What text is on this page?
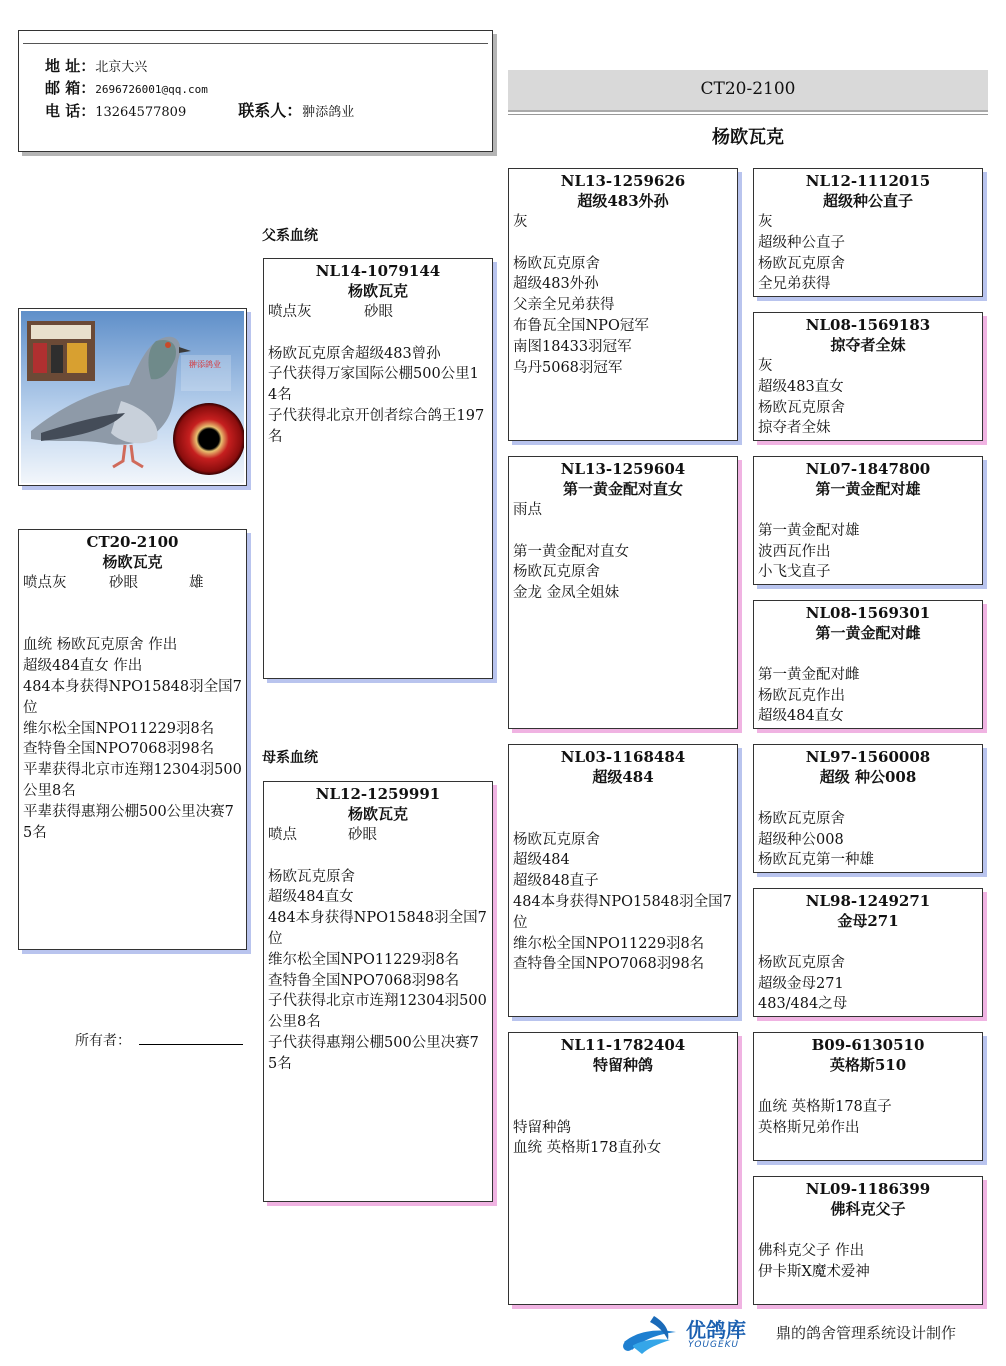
地 址：北京大兴
邮 箱：2696726001@qq.com
电 话：13264577809	联系人：翀添鸽业
CT20-2100
杨欧瓦克
父系血统
母系血统
翀添鸽业
CT20-2100
杨欧瓦克
喷点灰	砂眼	雄
血统 杨欧瓦克原舍 作出
超级484直女 作出
484本身获得NPO15848羽全国7位
维尔松全国NPO11229羽8名
查特鲁全国NPO7068羽98名
平辈获得北京市连翔12304羽500公里8名
平辈获得惠翔公棚500公里决赛75名
所有者：
NL14-1079144
杨欧瓦克
喷点灰	砂眼
杨欧瓦克原舍超级483曾孙
子代获得万家国际公棚500公里14名
子代获得北京开创者综合鸽王197名
NL12-1259991
杨欧瓦克
喷点	砂眼
杨欧瓦克原舍
超级484直女
484本身获得NPO15848羽全国7位
维尔松全国NPO11229羽8名
查特鲁全国NPO7068羽98名
子代获得北京市连翔12304羽500公里8名
子代获得惠翔公棚500公里决赛75名
NL13-1259626
超级483外孙
灰
杨欧瓦克原舍
超级483外孙
父亲全兄弟获得
布鲁瓦全国NPO冠军
南图18433羽冠军
乌丹5068羽冠军
NL13-1259604
第一黄金配对直女
雨点
第一黄金配对直女
杨欧瓦克原舍
金龙 金凤全姐妹
NL03-1168484
超级484
杨欧瓦克原舍
超级484
超级848直子
484本身获得NPO15848羽全国7位
维尔松全国NPO11229羽8名
查特鲁全国NPO7068羽98名
NL11-1782404
特留种鸽
特留种鸽
血统 英格斯178直孙女
NL12-1112015
超级种公直子
灰
超级种公直子
杨欧瓦克原舍
全兄弟获得
NL08-1569183
掠夺者全妹
灰
超级483直女
杨欧瓦克原舍
掠夺者全妹
NL07-1847800
第一黄金配对雄
第一黄金配对雄
波西瓦作出
小飞戈直子
NL08-1569301
第一黄金配对雌
第一黄金配对雌
杨欧瓦克作出
超级484直女
NL97-1560008
超级 种公008
杨欧瓦克原舍
超级种公008
杨欧瓦克第一种雄
NL98-1249271
金母271
杨欧瓦克原舍
超级金母271
483/484之母
B09-6130510
英格斯510
血统 英格斯178直子
英格斯兄弟作出
NL09-1186399
佛科克父子
佛科克父子 作出
伊卡斯X魔术爱神
优鸽库
YOUGEKU
鼎的鸽舍管理系统设计制作
